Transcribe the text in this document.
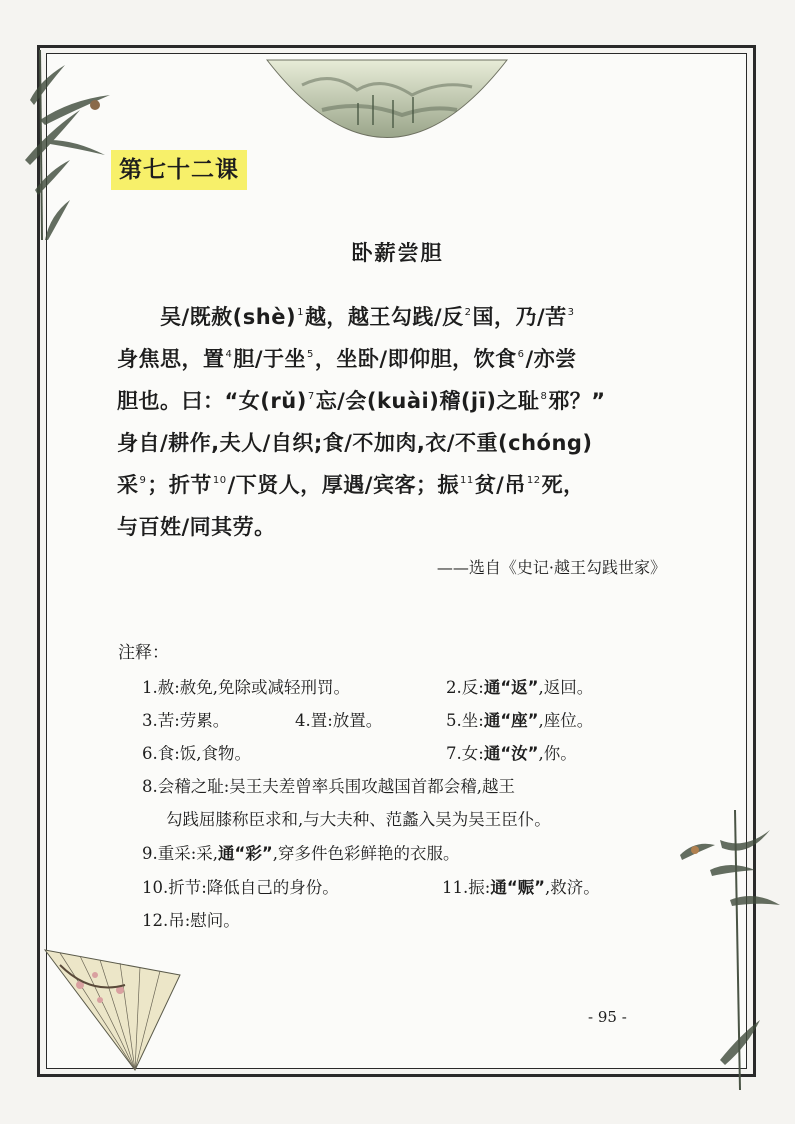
第七十二课
卧薪尝胆
　　吴/既赦(shè)$^1$越，越王勾践/反$^2$国，乃/苦$^3$
身焦思，置$^4$胆/于坐$^5$，坐卧/即仰胆，饮食$^6$/亦尝
胆也。曰：“女(rǔ)$^7$忘/会(kuài)稽(jī)之耻$^8$邪？”
身自/耕作,夫人/自织;食/不加肉,衣/不重(chóng)
采$^9$；折节$^{10}$/下贤人，厚遇/宾客；振$^{11}$贫/吊$^{12}$死，
与百姓/同其劳。
——选自《史记·越王勾践世家》
注释：
1.赦:赦免,免除或减轻刑罚。	2.反:通“返”,返回。
3.苦:劳累。	4.置:放置。	5.坐:通“座”,座位。
6.食:饭,食物。	7.女:通“汝”,你。
8.会稽之耻:吴王夫差曾率兵围攻越国首都会稽,越王
勾践屈膝称臣求和,与大夫种、范蠡入吴为吴王臣仆。
9.重采:采,通“彩”,穿多件色彩鲜艳的衣服。
10.折节:降低自己的身份。	11.振:通“赈”,救济。
12.吊:慰问。
- 95 -
